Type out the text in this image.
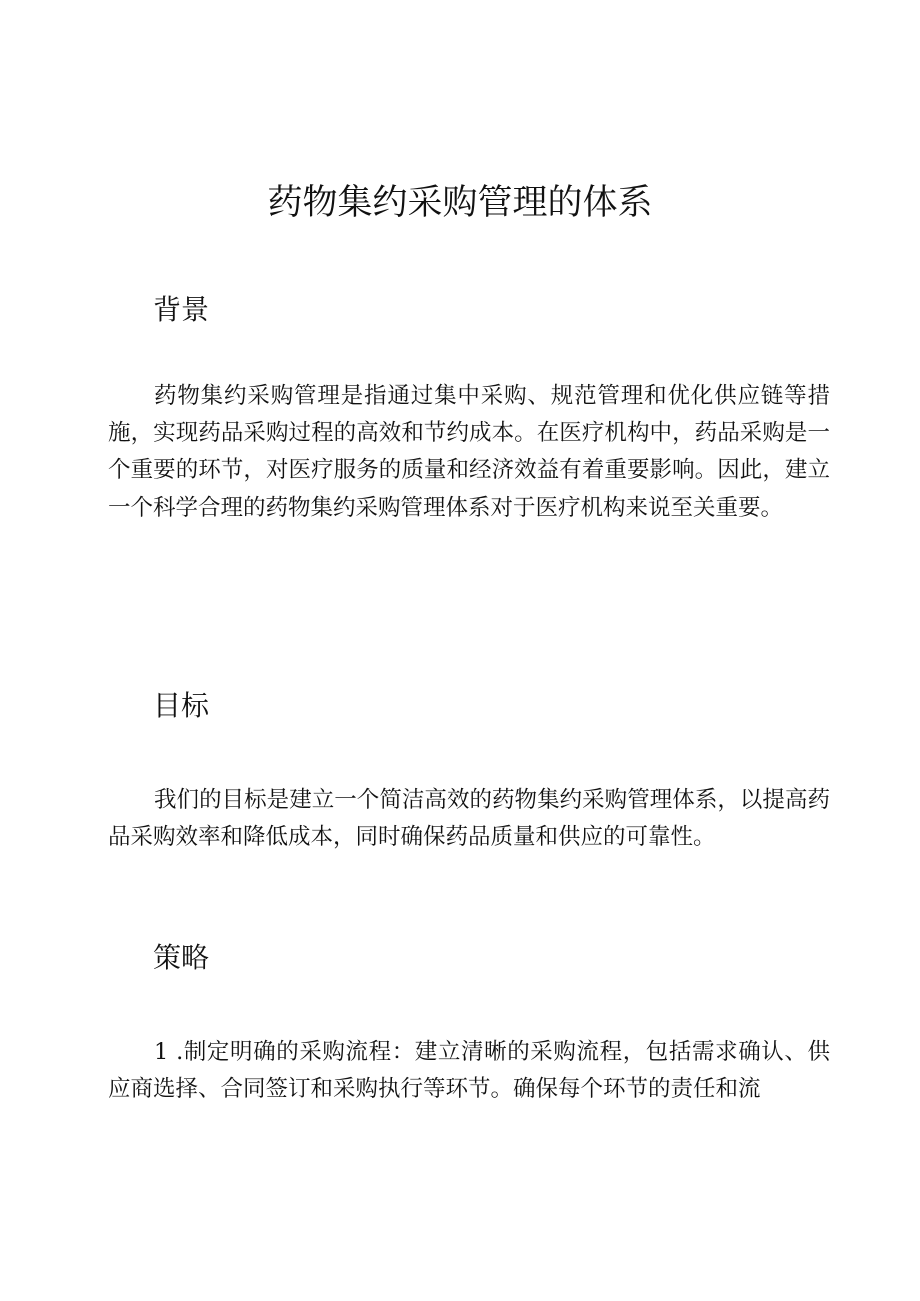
药物集约采购管理的体系
背景

药物集约采购管理是指通过集中采购、规范管理和优化供应链等措施，实现药品采购过程的高效和节约成本。在医疗机构中，药品采购是一个重要的环节，对医疗服务的质量和经济效益有着重要影响。因此，建立一个科学合理的药物集约采购管理体系对于医疗机构来说至关重要。

目标

我们的目标是建立一个简洁高效的药物集约采购管理体系，以提高药品采购效率和降低成本，同时确保药品质量和供应的可靠性。

策略

1 .制定明确的采购流程：建立清晰的采购流程，包括需求确认、供应商选择、合同签订和采购执行等环节。确保每个环节的责任和流
